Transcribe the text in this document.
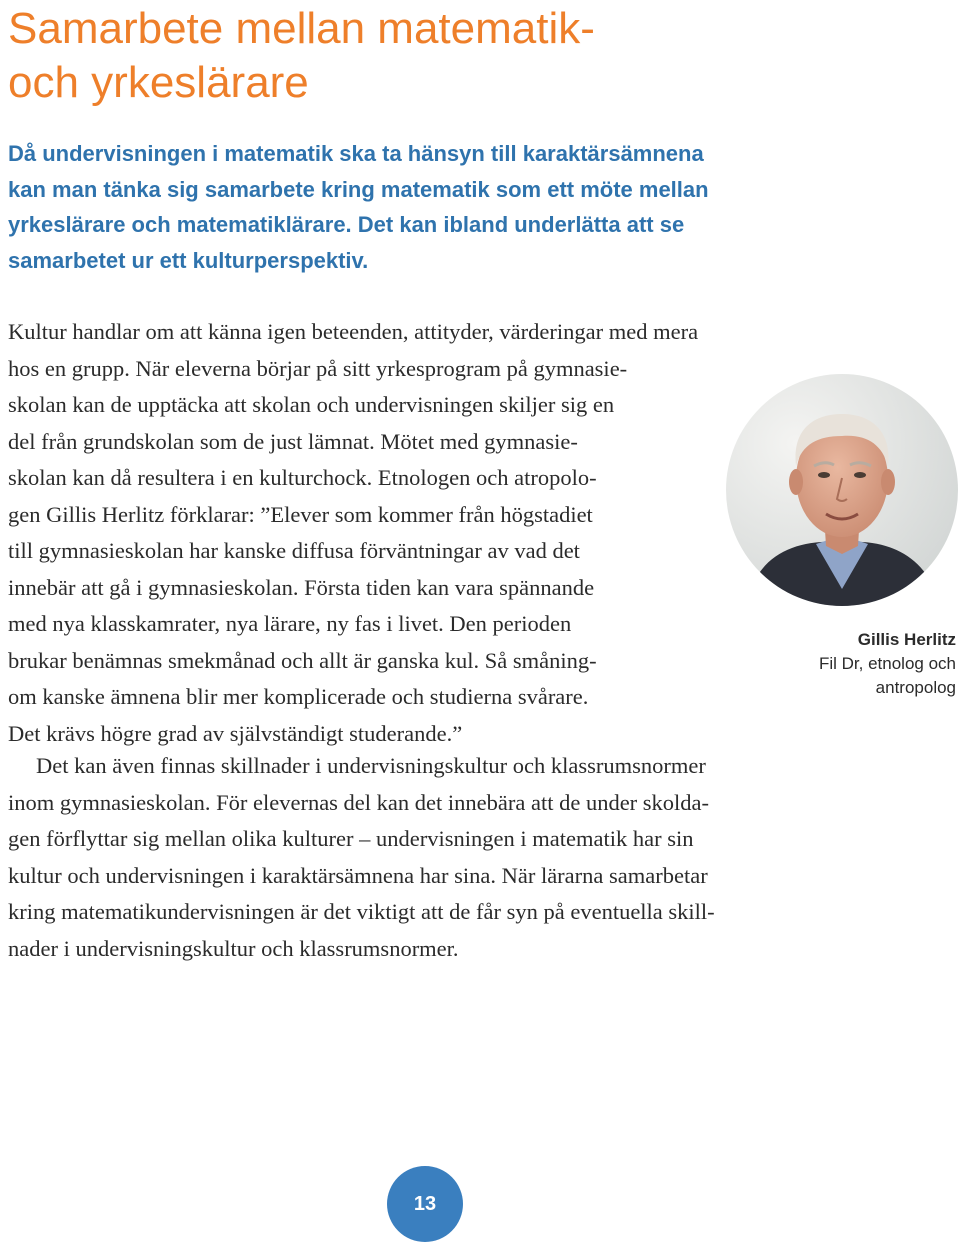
Samarbete mellan matematik-
och yrkeslärare

Då undervisningen i matematik ska ta hänsyn till karaktärsämnena
kan man tänka sig samarbete kring matematik som ett möte mellan
yrkeslärare och matematiklärare. Det kan ibland underlätta att se
samarbetet ur ett kulturperspektiv.

Kultur handlar om att känna igen beteenden, attityder, värderingar med mera
hos en grupp. När eleverna börjar på sitt yrkesprogram på gymnasie-
skolan kan de upptäcka att skolan och undervisningen skiljer sig en
del från grundskolan som de just lämnat. Mötet med gymnasie-
skolan kan då resultera i en kulturchock. Etnologen och atropolo-
gen Gillis Herlitz förklarar: ”Elever som kommer från högstadiet
till gymnasieskolan har kanske diffusa förväntningar av vad det
innebär att gå i gymnasieskolan. Första tiden kan vara spännande
med nya klasskamrater, nya lärare, ny fas i livet. Den perioden
brukar benämnas smekmånad och allt är ganska kul. Så småning-
om kanske ämnena blir mer komplicerade och studierna svårare.
Det krävs högre grad av självständigt studerande.”

Gillis Herlitz
Fil Dr, etnolog och
antropolog

Det kan även finnas skillnader i undervisningskultur och klassrumsnormer
inom gymnasieskolan. För elevernas del kan det innebära att de under skolda-
gen förflyttar sig mellan olika kulturer – undervisningen i matematik har sin
kultur och undervisningen i karaktärsämnena har sina. När lärarna samarbetar
kring matematikundervisningen är det viktigt att de får syn på eventuella skill-
nader i undervisningskultur och klassrumsnormer.

13
